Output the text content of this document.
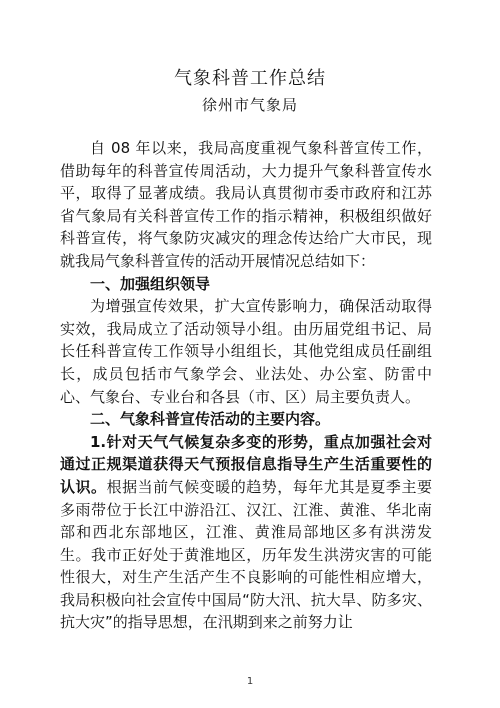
气象科普工作总结
徐州市气象局

自 08 年以来，我局高度重视气象科普宣传工作，借助每年的科普宣传周活动，大力提升气象科普宣传水平，取得了显著成绩。我局认真贯彻市委市政府和江苏省气象局有关科普宣传工作的指示精神，积极组织做好科普宣传，将气象防灾减灾的理念传达给广大市民，现就我局气象科普宣传的活动开展情况总结如下：

一、加强组织领导

为增强宣传效果，扩大宣传影响力，确保活动取得实效，我局成立了活动领导小组。由历届党组书记、局长任科普宣传工作领导小组组长，其他党组成员任副组长，成员包括市气象学会、业法处、办公室、防雷中心、气象台、专业台和各县（市、区）局主要负责人。

二、气象科普宣传活动的主要内容。

1.针对天气气候复杂多变的形势，重点加强社会对通过正规渠道获得天气预报信息指导生产生活重要性的认识。根据当前气候变暖的趋势，每年尤其是夏季主要多雨带位于长江中游沿江、汉江、江淮、黄淮、华北南部和西北东部地区，江淮、黄淮局部地区多有洪涝发生。我市正好处于黄淮地区，历年发生洪涝灾害的可能性很大，对生产生活产生不良影响的可能性相应增大，我局积极向社会宣传中国局“防大汛、抗大旱、防多灾、抗大灾”的指导思想，在汛期到来之前努力让

1
